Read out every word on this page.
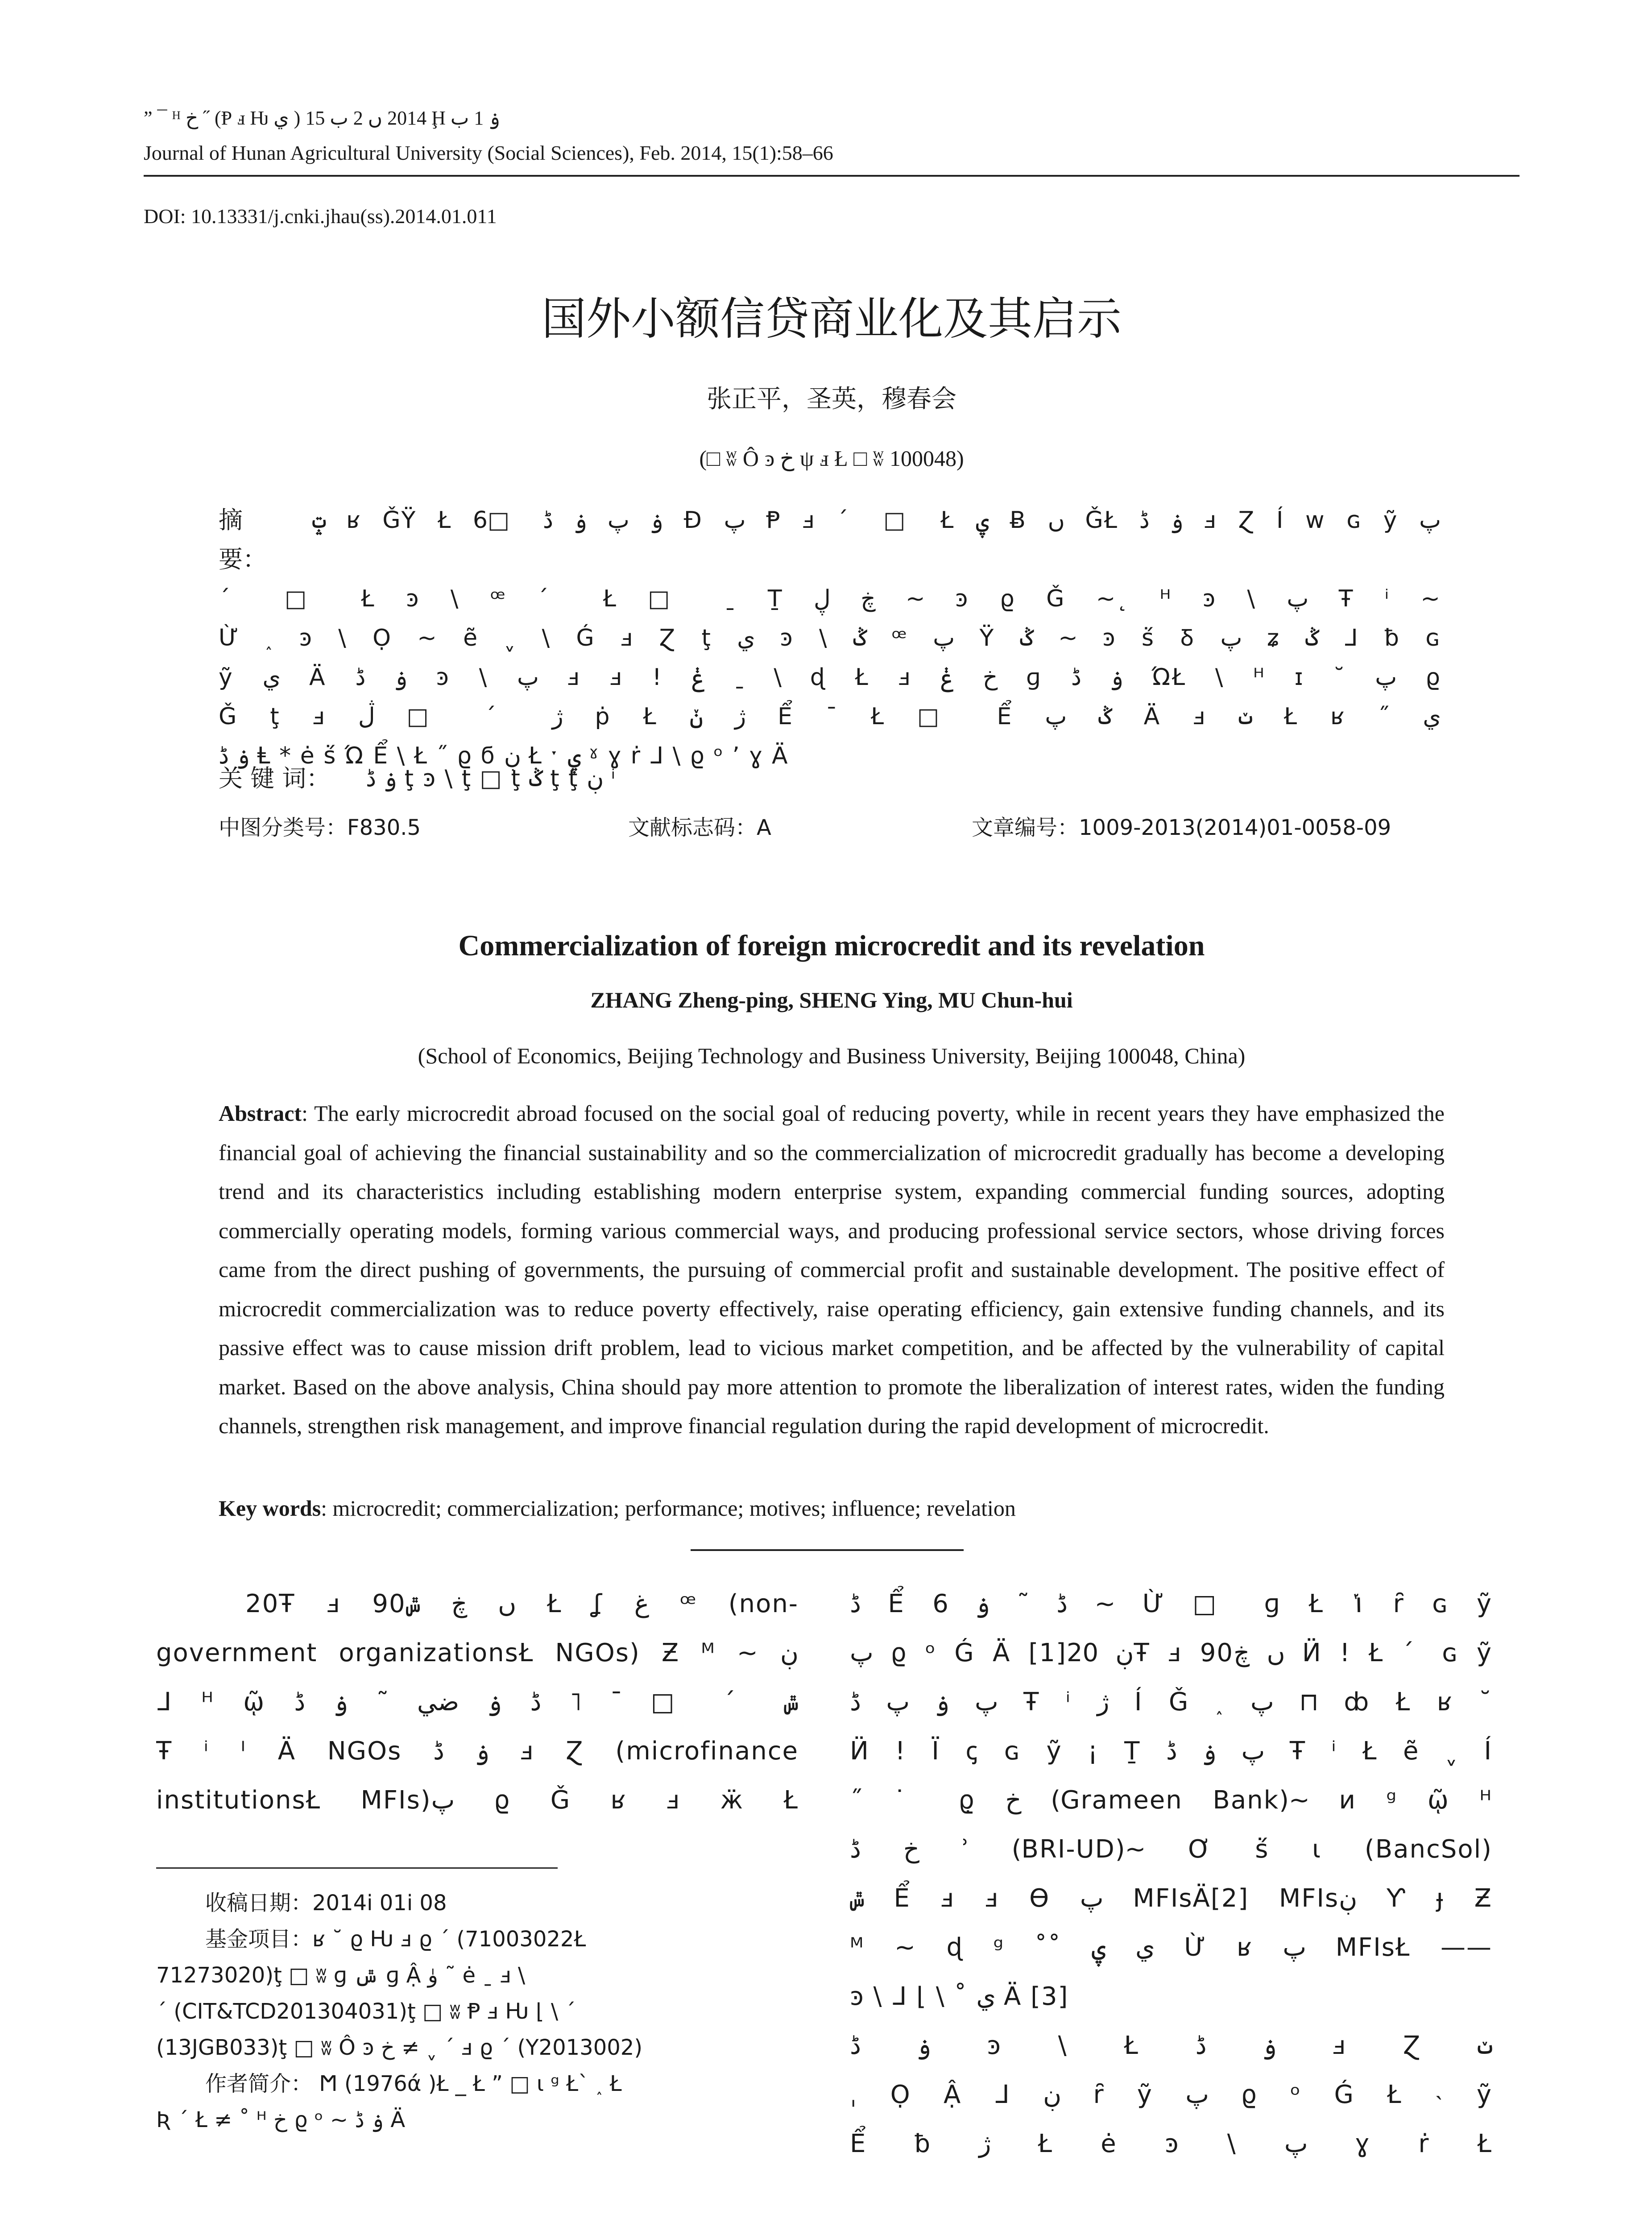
” ¯ ᴴ خ ˝ (Ᵽ ⅎ Ƕ ي ) 2014 ں 2 ب 15 Ḩ ۏ 1 ب
Journal of Hunan Agricultural University (Social Sciences), Feb. 2014, 15(1):58–66
DOI: 10.13331/j.cnki.jhau(ss).2014.01.011
国外小额信贷商业化及其启示
张正平，圣英，穆春会
(□ ʬ Ô ͽ خ ψ ⅎ Ł □ ʬ 100048)
摘　要：
ݓ ʁ ǦŸ Ł ۏ پ ۏ ڈ □6 Đ پ Ᵽ ⅎ ˊ □ Ł ۑ Ƀ ں ǦŁ ۏ ڈ ⅎ Ɀ Í w ɢ ỹ پ
ˊ □ Ł ͽ \ ꟹ ˊ Ł □ ˍ Ṯ ڿ ڸ ~ ͽ ϱ Ǧ ~˛ ᴴ ͽ \ پ Ŧ ⁱ ~
Ừ ˰ ͽ \ Ọ ~ ẽ ˬ \ Ǵ ⅎ Ɀ ţ ي ͽ \ ݣ ꟹ پ Ÿ ݣ ~ ͽ ṥ Ᵹ پ ʑ ݣ ᒧ ƀ ɢ
ỹ ي Ä ۏ ڈ ͽ \ پ ⅎ ⅎ ! ݟ ˍ \ ɖ Ł ⅎ خ ݟ ɡ ۏ ڈ ΏŁ \ ᴴ ɪ ˘ پ ϱ
Ǧ ţ ⅎ ژ ˊ □ ڷ ṗ Ł ژ ݩ Ể ˉ Ł □ Ể ݣ پ Ä ⅎ ݖ Ł ʁ ˝ ي
ۏ ڈ Ⱡ * ė ṥ Ώ Ể \ Ł ˝ ϱ ϭ ڹ Ł ˑ ۑ ˠ ɣ ṙ ᒧ \ ϱ ᵒ ’ ɣ Ä
关 键 词：	ۏ ڈ ţ ͽ \ ţ □ ţ ݣ ţ ţ ڹ ⁱ
中图分类号：F830.5	文献标志码：A	文章编号：1009-2013(2014)01-0058-09
Commercialization of foreign microcredit and its revelation
ZHANG Zheng-ping, SHENG Ying, MU Chun-hui
(School of Economics, Beijing Technology and Business University, Beijing 100048, China)
Abstract: The early microcredit abroad focused on the social goal of reducing poverty, while in recent years they have emphasized the financial goal of achieving the financial sustainability and so the commercialization of microcredit gradually has become a developing trend and its characteristics including establishing modern enterprise system, expanding commercial funding sources, adopting commercially operating models, forming various commercial ways, and producing professional service sectors, whose driving forces came from the direct pushing of governments, the pursuing of commercial profit and sustainable development. The positive effect of microcredit commercialization was to reduce poverty effectively, raise operating efficiency, gain extensive funding channels, and its passive effect was to cause mission drift problem, lead to vicious market competition, and be affected by the vulnerability of capital market. Based on the above analysis, China should pay more attention to promote the liberalization of interest rates, widen the funding channels, strengthen risk management, and improve financial regulation during the rapid development of microcredit.
Key words: microcredit; commercialization; performance; motives; influence; revelation
20Ŧ ⅎ 90ں ڿ ݜ Ł ʆ ﻍ ꟹ (non-
government organizationsŁ NGOs) Ƶ ᴹ ~ ڹ
ᒧ ᴴ ῷ ݜ ˊ □ ˉ ˥ ڈ ۏ ضي ˜ ۏ ڈ
Ŧ ⁱ ᴵ Ä NGOs ۏ ڈ ⅎ Ɀ (microfinance
institutionsŁ MFIs)پ ϱ Ǧ ʁ ⅎ ӝ Ł
收稿日期：2014ⅰ 01ⅰ 08
基金项目：ʁ ˘ ϱ Ƕ ⅎ ϱ ˊ (71003022Ł
71273020)ţ □ ʬ ɡ ݜ ɡ Ậ ۈ ˜ ė ˍ ⅎ \
ˊ (CIT&TCD201304031)ţ □ ʬ Ᵽ ⅎ Ƕ ⌊ \ ˊ
(13JGB033)ţ □ ʬ Ô ͽ خ ≠ ˬ ˊ ⅎ ϱ ˊ (Y2013002)
作者简介： Ϻ (1976ά )Ł _ Ł ” □ ι ᵍ Ł` ˰ Ł
Ʀ ˊ Ł ≠ ˚ ᴴ خ ϱ ᵒ ~ ۏ ڈ Ä
ڈ Ể ڈ ˜ ۏ 6 ~ Ừ □ ɡ Ł ݳ ȓ ɢ ỹ
پ ϱ ᵒ Ǵ Ä [1]ڹ 20Ŧ ⅎ 90ں ڿ Ӥ ! Ł ˊ ɢ ỹ
پ ۏ پ ڈ Ŧ ⁱ ژ Í Ǧ ˰ پ ⊓ ȸ Ł ʁ ˘
Ӥ ! Ï ꞔ ɢ ỹ ¡ Ṯ پ ۏ ڈ Ŧ ⁱ Ł ẽ ˬ Í
˝ ˙ ϱ̣ خ (Grameen Bank)~ и ᵍ ῷ ᴴ
خ ڈ ʾ (BRI-UD)~ Ơ ṥ ι (BancSol)
ݜ Ể ⅎ ⅎ ϴ پ MFIsÄ[2] MFIsڹ Ƴ ɟ Ƶ
ᴹ ~ ɖ ᵍ ˚˚ ي ۑ Ừ ʁ پ MFIsŁ ——
ͽ \ ᒧ ⌊ \ ˚ ي Ä [3]
ۏ ڈ ͽ \ Ł ۏ ڈ ⅎ Ɀ ݖ
ˌ Ọ Ậ ᒧ ڹ ȓ ỹ پ ϱ ᵒ Ǵ Ł ˴ ỹ
Ể ƀ ژ Ł ė ͽ \ پ ɣ ṙ Ł
